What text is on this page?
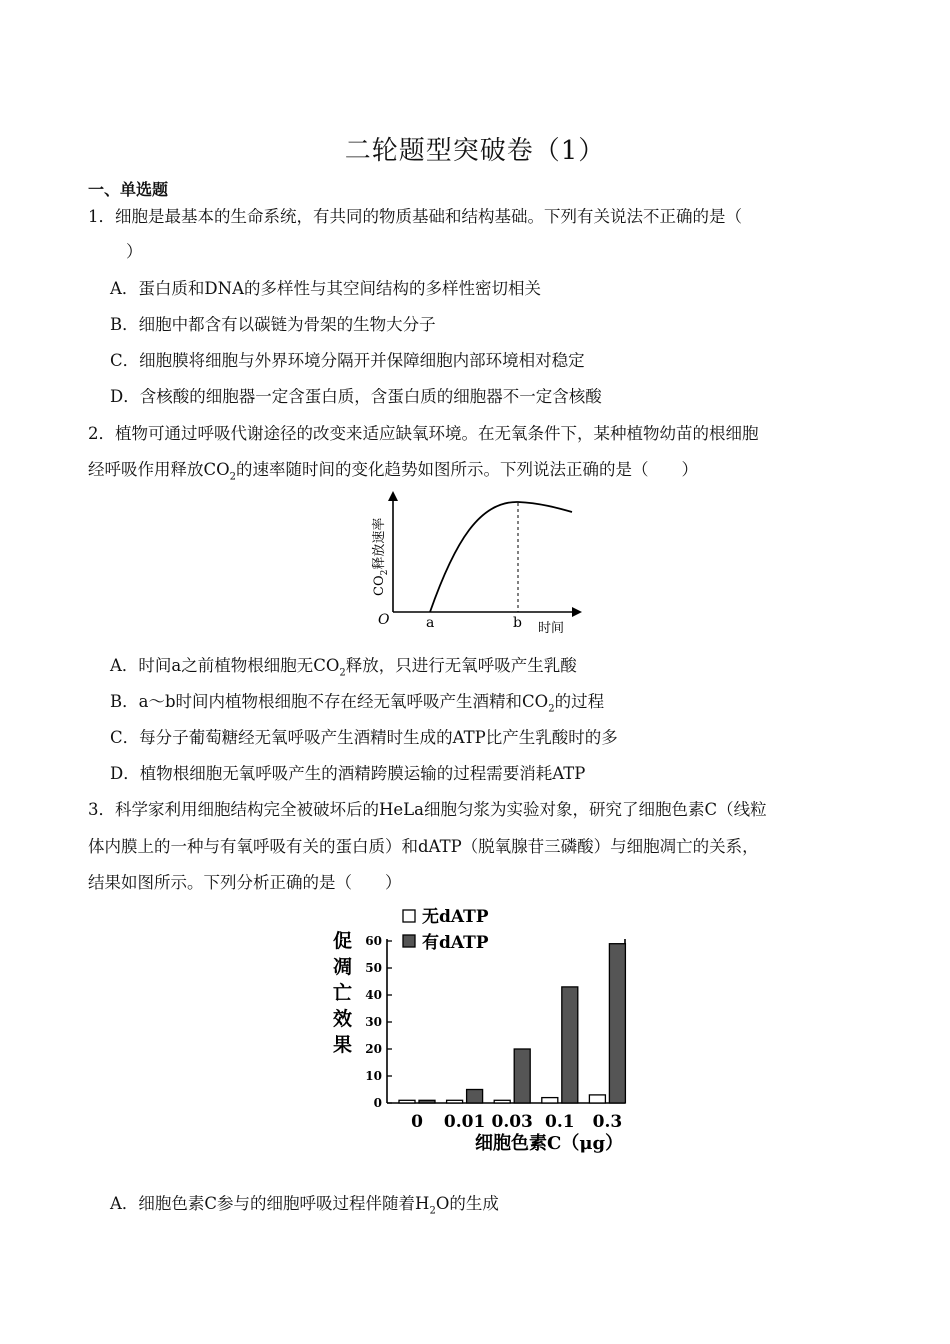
二轮题型突破卷（1）
一、单选题
1．细胞是最基本的生命系统，有共同的物质基础和结构基础。下列有关说法不正确的是（
）
A．蛋白质和DNA的多样性与其空间结构的多样性密切相关
B．细胞中都含有以碳链为骨架的生物大分子
C．细胞膜将细胞与外界环境分隔开并保障细胞内部环境相对稳定
D．含核酸的细胞器一定含蛋白质，含蛋白质的细胞器不一定含核酸
2．植物可通过呼吸代谢途径的改变来适应缺氧环境。在无氧条件下，某种植物幼苗的根细胞
经呼吸作用释放$CO_2$的速率随时间的变化趋势如图所示。下列说法正确的是（　　）
O	a	b 时间
$CO_2$释放速率
A．时间a之前植物根细胞无$CO_2$释放，只进行无氧呼吸产生乳酸
B．a～b时间内植物根细胞不存在经无氧呼吸产生酒精和$CO_2$的过程
C．每分子葡萄糖经无氧呼吸产生酒精时生成的ATP比产生乳酸时的多
D．植物根细胞无氧呼吸产生的酒精跨膜运输的过程需要消耗ATP
3．科学家利用细胞结构完全被破坏后的HeLa细胞匀浆为实验对象，研究了细胞色素C（线粒
体内膜上的一种与有氧呼吸有关的蛋白质）和dATP（脱氧腺苷三磷酸）与细胞凋亡的关系，
结果如图所示。下列分析正确的是（　　）
0
10
20
30
40
50
60
促
凋
亡
效
果
0 0.01 0.03 0.1 0.3
无dATP
有dATP
细胞色素C（μg）
A．细胞色素C参与的细胞呼吸过程伴随着$H_2O$的生成
